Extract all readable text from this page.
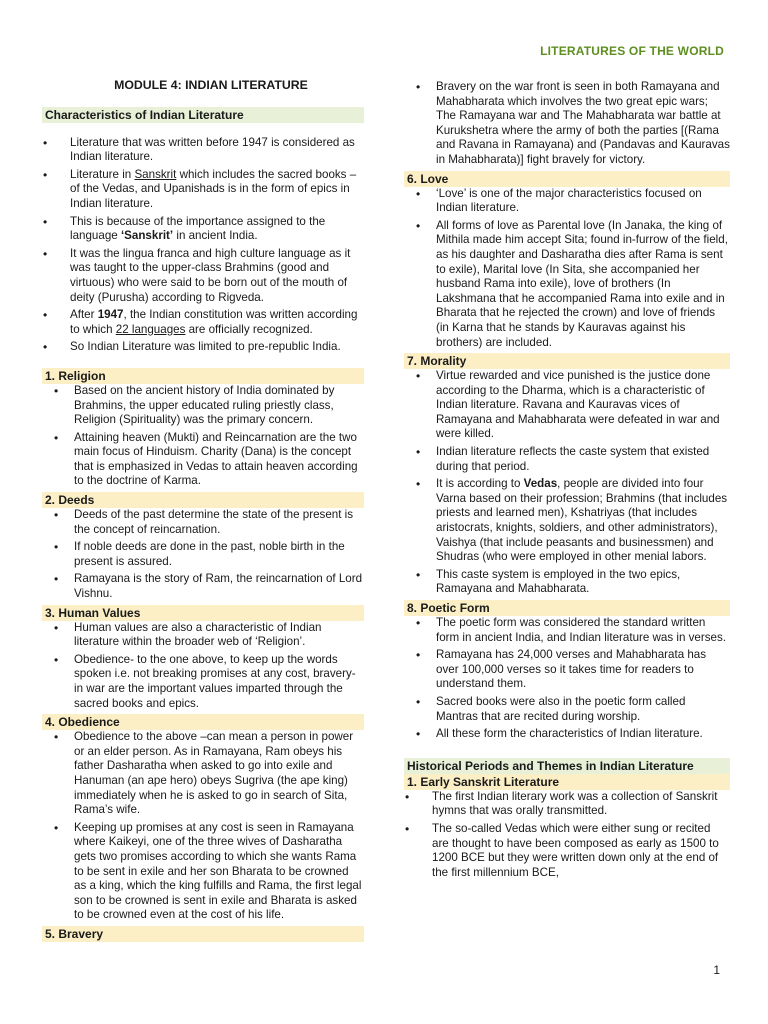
LITERATURES OF THE WORLD
MODULE 4: INDIAN LITERATURE
Characteristics of Indian Literature
• Literature that was written before 1947 is considered as Indian literature.
• Literature in Sanskrit which includes the sacred books – of the Vedas, and Upanishads is in the form of epics in Indian literature.
• This is because of the importance assigned to the language ‘Sanskrit’ in ancient India.
• It was the lingua franca and high culture language as it was taught to the upper-class Brahmins (good and virtuous) who were said to be born out of the mouth of deity (Purusha) according to Rigveda.
• After 1947, the Indian constitution was written according to which 22 languages are officially recognized.
• So Indian Literature was limited to pre-republic India.
1. Religion
• Based on the ancient history of India dominated by Brahmins, the upper educated ruling priestly class, Religion (Spirituality) was the primary concern.
• Attaining heaven (Mukti) and Reincarnation are the two main focus of Hinduism. Charity (Dana) is the concept that is emphasized in Vedas to attain heaven according to the doctrine of Karma.
2. Deeds
• Deeds of the past determine the state of the present is the concept of reincarnation.
• If noble deeds are done in the past, noble birth in the present is assured.
• Ramayana is the story of Ram, the reincarnation of Lord Vishnu.
3. Human Values
• Human values are also a characteristic of Indian literature within the broader web of ‘Religion’.
• Obedience- to the one above, to keep up the words spoken i.e. not breaking promises at any cost, bravery- in war are the important values imparted through the sacred books and epics.
4. Obedience
• Obedience to the above –can mean a person in power or an elder person. As in Ramayana, Ram obeys his father Dasharatha when asked to go into exile and Hanuman (an ape hero) obeys Sugriva (the ape king) immediately when he is asked to go in search of Sita, Rama’s wife.
• Keeping up promises at any cost is seen in Ramayana where Kaikeyi, one of the three wives of Dasharatha gets two promises according to which she wants Rama to be sent in exile and her son Bharata to be crowned as a king, which the king fulfills and Rama, the first legal son to be crowned is sent in exile and Bharata is asked to be crowned even at the cost of his life.
5. Bravery
• Bravery on the war front is seen in both Ramayana and Mahabharata which involves the two great epic wars; The Ramayana war and The Mahabharata war battle at Kurukshetra where the army of both the parties [(Rama and Ravana in Ramayana) and (Pandavas and Kauravas in Mahabharata)] fight bravely for victory.
6. Love
• ‘Love’ is one of the major characteristics focused on Indian literature.
• All forms of love as Parental love (In Janaka, the king of Mithila made him accept Sita; found in-furrow of the field, as his daughter and Dasharatha dies after Rama is sent to exile), Marital love (In Sita, she accompanied her husband Rama into exile), love of brothers (In Lakshmana that he accompanied Rama into exile and in Bharata that he rejected the crown) and love of friends (in Karna that he stands by Kauravas against his brothers) are included.
7. Morality
• Virtue rewarded and vice punished is the justice done according to the Dharma, which is a characteristic of Indian literature. Ravana and Kauravas vices of Ramayana and Mahabharata were defeated in war and were killed.
• Indian literature reflects the caste system that existed during that period.
• It is according to Vedas, people are divided into four Varna based on their profession; Brahmins (that includes priests and learned men), Kshatriyas (that includes aristocrats, knights, soldiers, and other administrators), Vaishya (that include peasants and businessmen) and Shudras (who were employed in other menial labors.
• This caste system is employed in the two epics, Ramayana and Mahabharata.
8. Poetic Form
• The poetic form was considered the standard written form in ancient India, and Indian literature was in verses.
• Ramayana has 24,000 verses and Mahabharata has over 100,000 verses so it takes time for readers to understand them.
• Sacred books were also in the poetic form called Mantras that are recited during worship.
• All these form the characteristics of Indian literature.
Historical Periods and Themes in Indian Literature
1. Early Sanskrit Literature
• The first Indian literary work was a collection of Sanskrit hymns that was orally transmitted.
• The so-called Vedas which were either sung or recited are thought to have been composed as early as 1500 to 1200 BCE but they were written down only at the end of the first millennium BCE,
1
